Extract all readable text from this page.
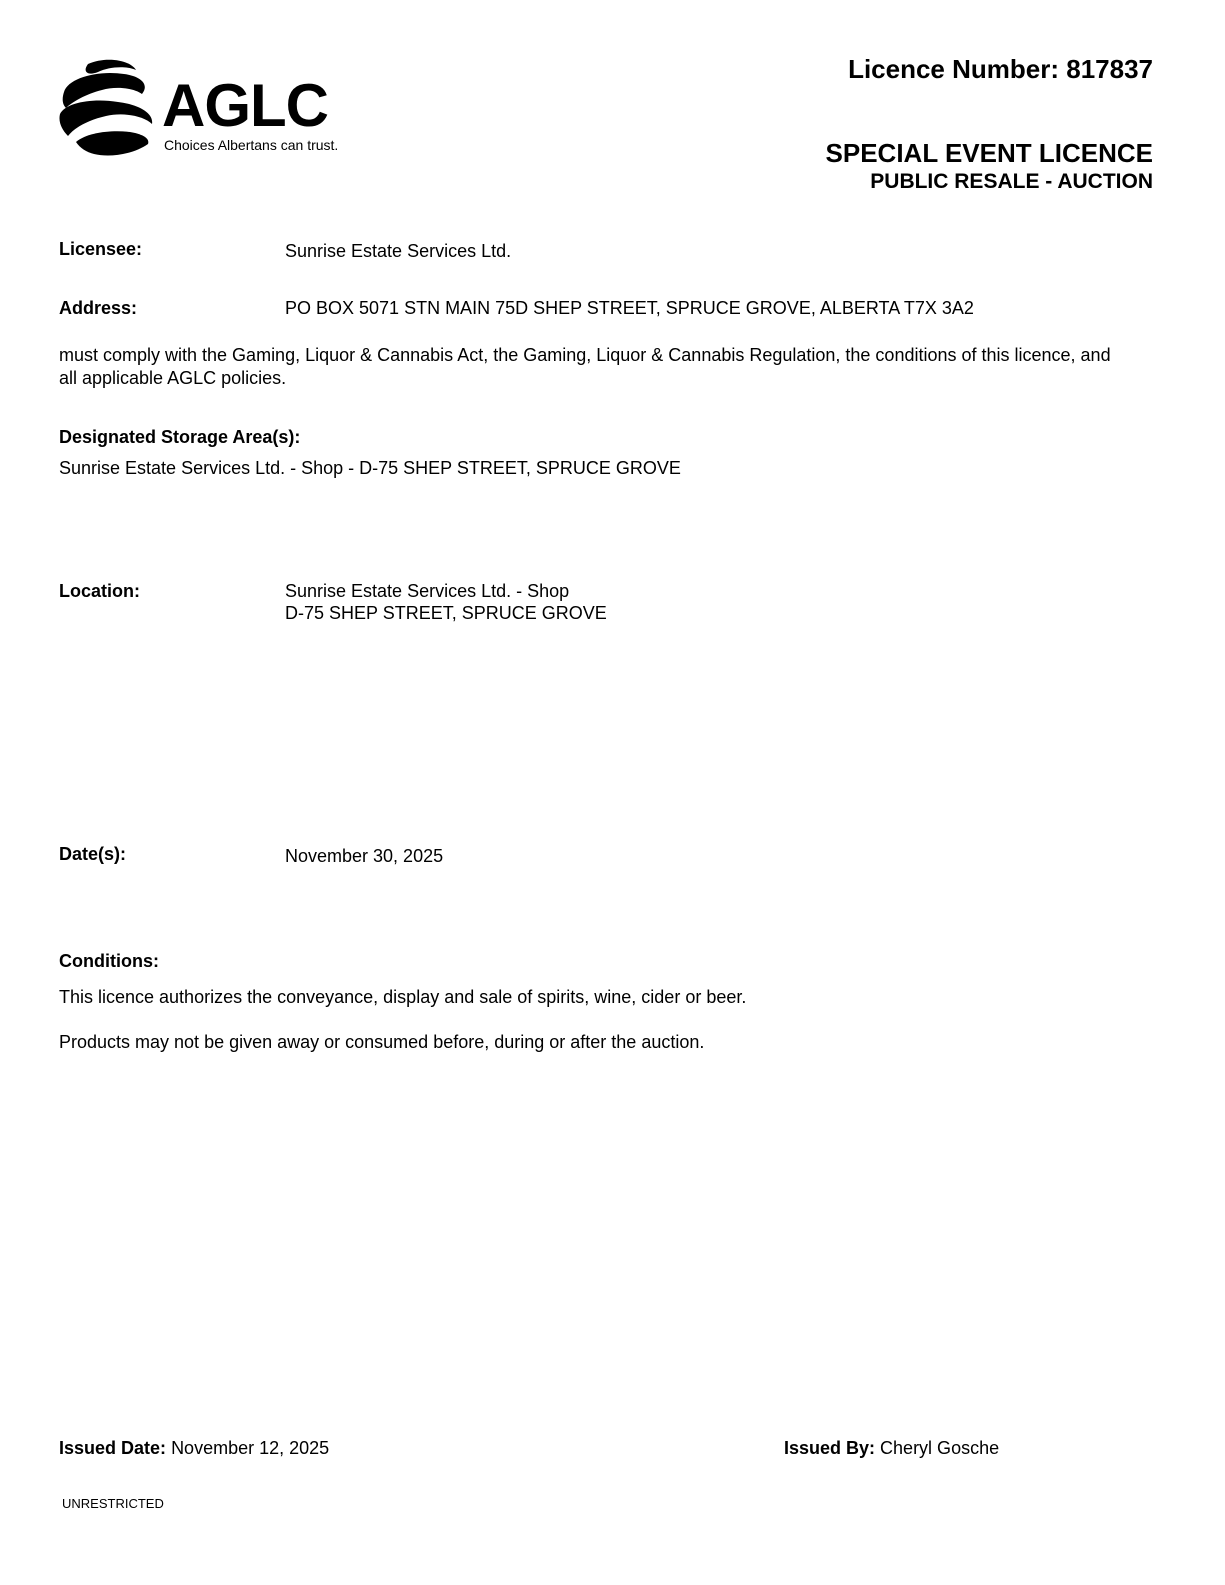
AGLC
Choices Albertans can trust.
Licence Number: 817837
SPECIAL EVENT LICENCE
PUBLIC RESALE - AUCTION
Licensee:	Sunrise Estate Services Ltd.
Address:	PO BOX 5071 STN MAIN 75D SHEP STREET, SPRUCE GROVE, ALBERTA T7X 3A2
must comply with the Gaming, Liquor & Cannabis Act, the Gaming, Liquor & Cannabis Regulation, the conditions of this licence, and all applicable AGLC policies.
Designated Storage Area(s):
Sunrise Estate Services Ltd. - Shop - D-75 SHEP STREET, SPRUCE GROVE
Location:	Sunrise Estate Services Ltd. - Shop
D-75 SHEP STREET, SPRUCE GROVE
Date(s):	November 30, 2025
Conditions:
This licence authorizes the conveyance, display and sale of spirits, wine, cider or beer.
Products may not be given away or consumed before, during or after the auction.
Issued Date: November 12, 2025	Issued By: Cheryl Gosche
UNRESTRICTED
